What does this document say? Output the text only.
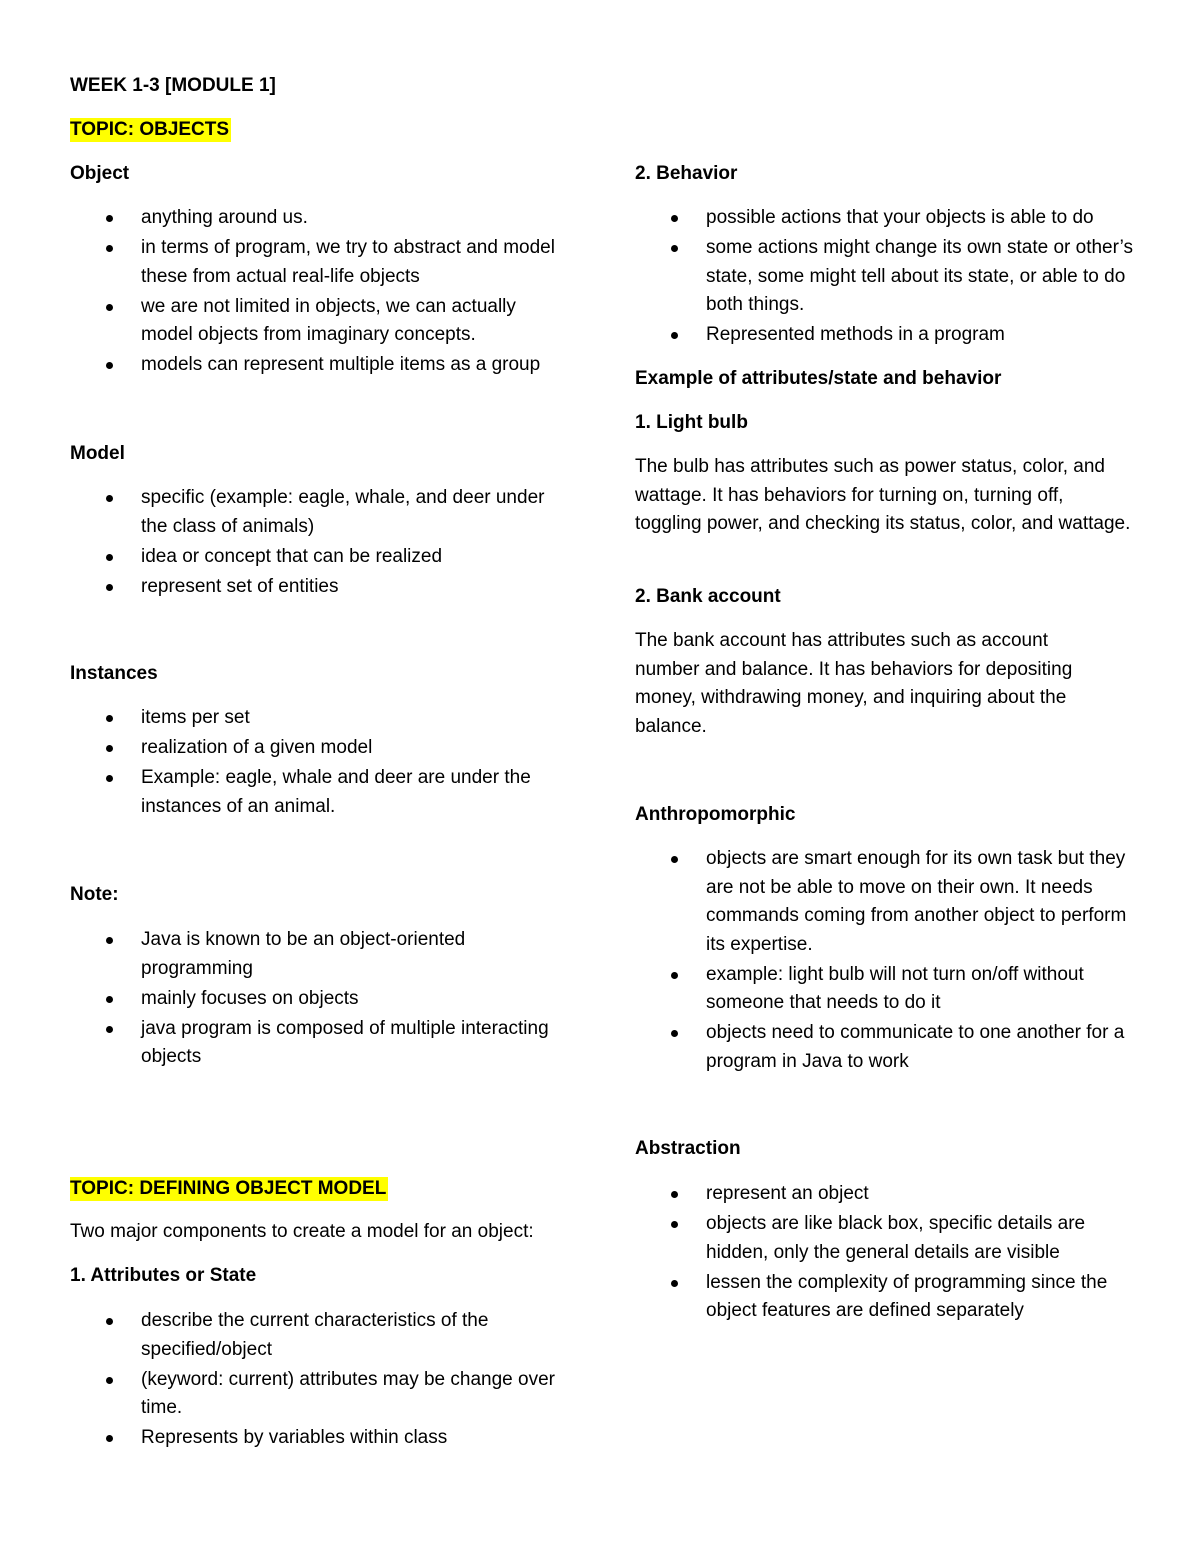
WEEK 1-3 [MODULE 1]
TOPIC: OBJECTS
Object
anything around us.
in terms of program, we try to abstract and model these from actual real-life objects
we are not limited in objects, we can actually model objects from imaginary concepts.
models can represent multiple items as a group
Model
specific (example: eagle, whale, and deer under the class of animals)
idea or concept that can be realized
represent set of entities
Instances
items per set
realization of a given model
Example: eagle, whale and deer are under the instances of an animal.
Note:
Java is known to be an object-oriented programming
mainly focuses on objects
java program is composed of multiple interacting objects
TOPIC: DEFINING OBJECT MODEL
Two major components to create a model for an object:
1. Attributes or State
describe the current characteristics of the specified/object
(keyword: current) attributes may be change over time.
Represents by variables within class
2. Behavior
possible actions that your objects is able to do
some actions might change its own state or other’s state, some might tell about its state, or able to do both things.
Represented methods in a program
Example of attributes/state and behavior
1. Light bulb
The bulb has attributes such as power status, color, and wattage. It has behaviors for turning on, turning off, toggling power, and checking its status, color, and wattage.
2. Bank account
The bank account has attributes such as account number and balance. It has behaviors for depositing money, withdrawing money, and inquiring about the balance.
Anthropomorphic
objects are smart enough for its own task but they are not be able to move on their own. It needs commands coming from another object to perform its expertise.
example: light bulb will not turn on/off without someone that needs to do it
objects need to communicate to one another for a program in Java to work
Abstraction
represent an object
objects are like black box, specific details are hidden, only the general details are visible
lessen the complexity of programming since the object features are defined separately
